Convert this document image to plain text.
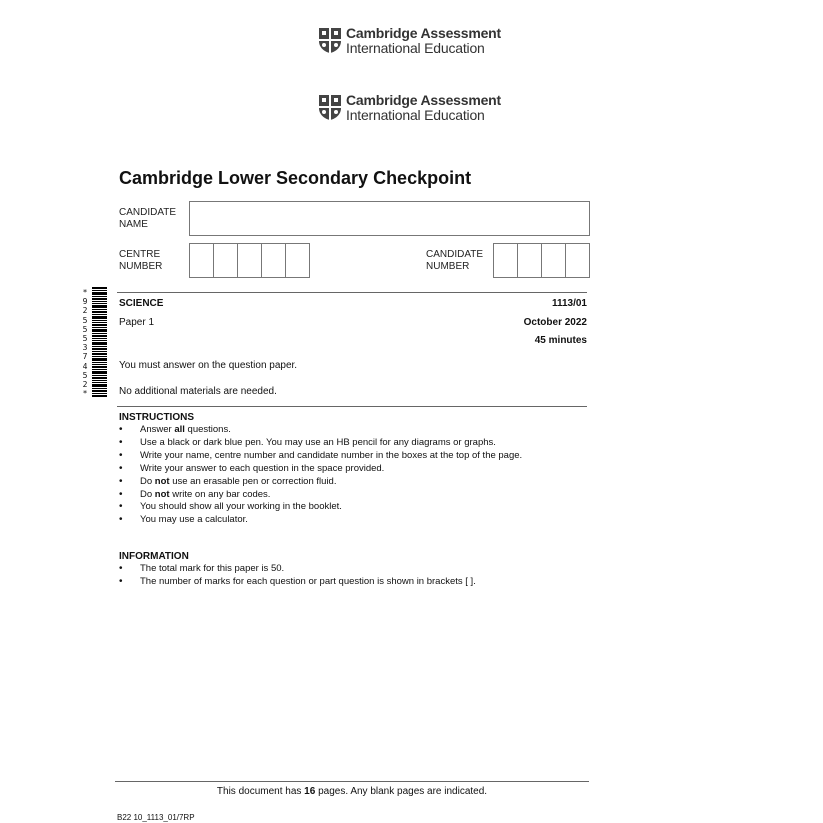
Cambridge Assessment
International Education
Cambridge Assessment
International Education
Cambridge Lower Secondary Checkpoint
CANDIDATE
NAME
CENTRE
NUMBER
CANDIDATE
NUMBER
*
9
2
5
5
5
3
7
4
5
2
*
SCIENCE	1113/01
Paper 1	October 2022
45 minutes
You must answer on the question paper.
No additional materials are needed.
INSTRUCTIONS
• Answer all questions.
• Use a black or dark blue pen. You may use an HB pencil for any diagrams or graphs.
• Write your name, centre number and candidate number in the boxes at the top of the page.
• Write your answer to each question in the space provided.
• Do not use an erasable pen or correction fluid.
• Do not write on any bar codes.
• You should show all your working in the booklet.
• You may use a calculator.
INFORMATION
• The total mark for this paper is 50.
• The number of marks for each question or part question is shown in brackets [ ].
This document has 16 pages. Any blank pages are indicated.
B22 10_1113_01/7RP
